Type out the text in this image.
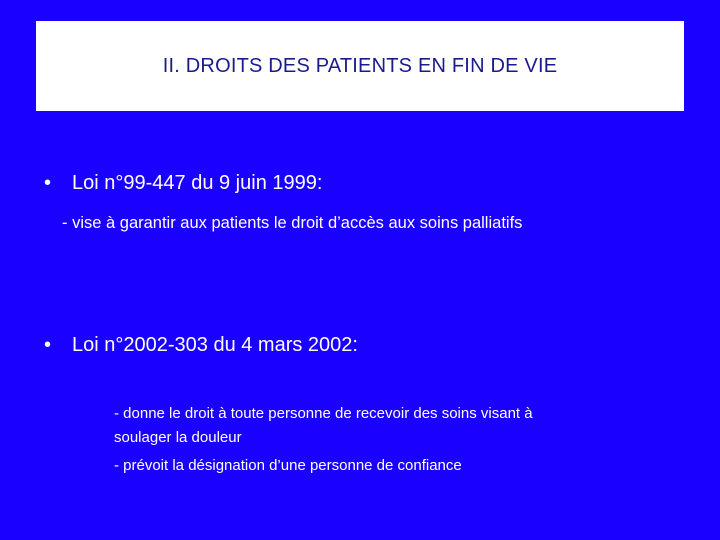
II. DROITS DES PATIENTS EN FIN DE VIE
•	Loi n°99-447 du 9 juin 1999:
- vise à garantir aux patients le droit d’accès aux soins palliatifs
•	Loi n°2002-303 du 4 mars 2002:
- donne le droit à toute personne de recevoir des soins visant à
soulager la douleur
- prévoit la désignation d’une personne de confiance
